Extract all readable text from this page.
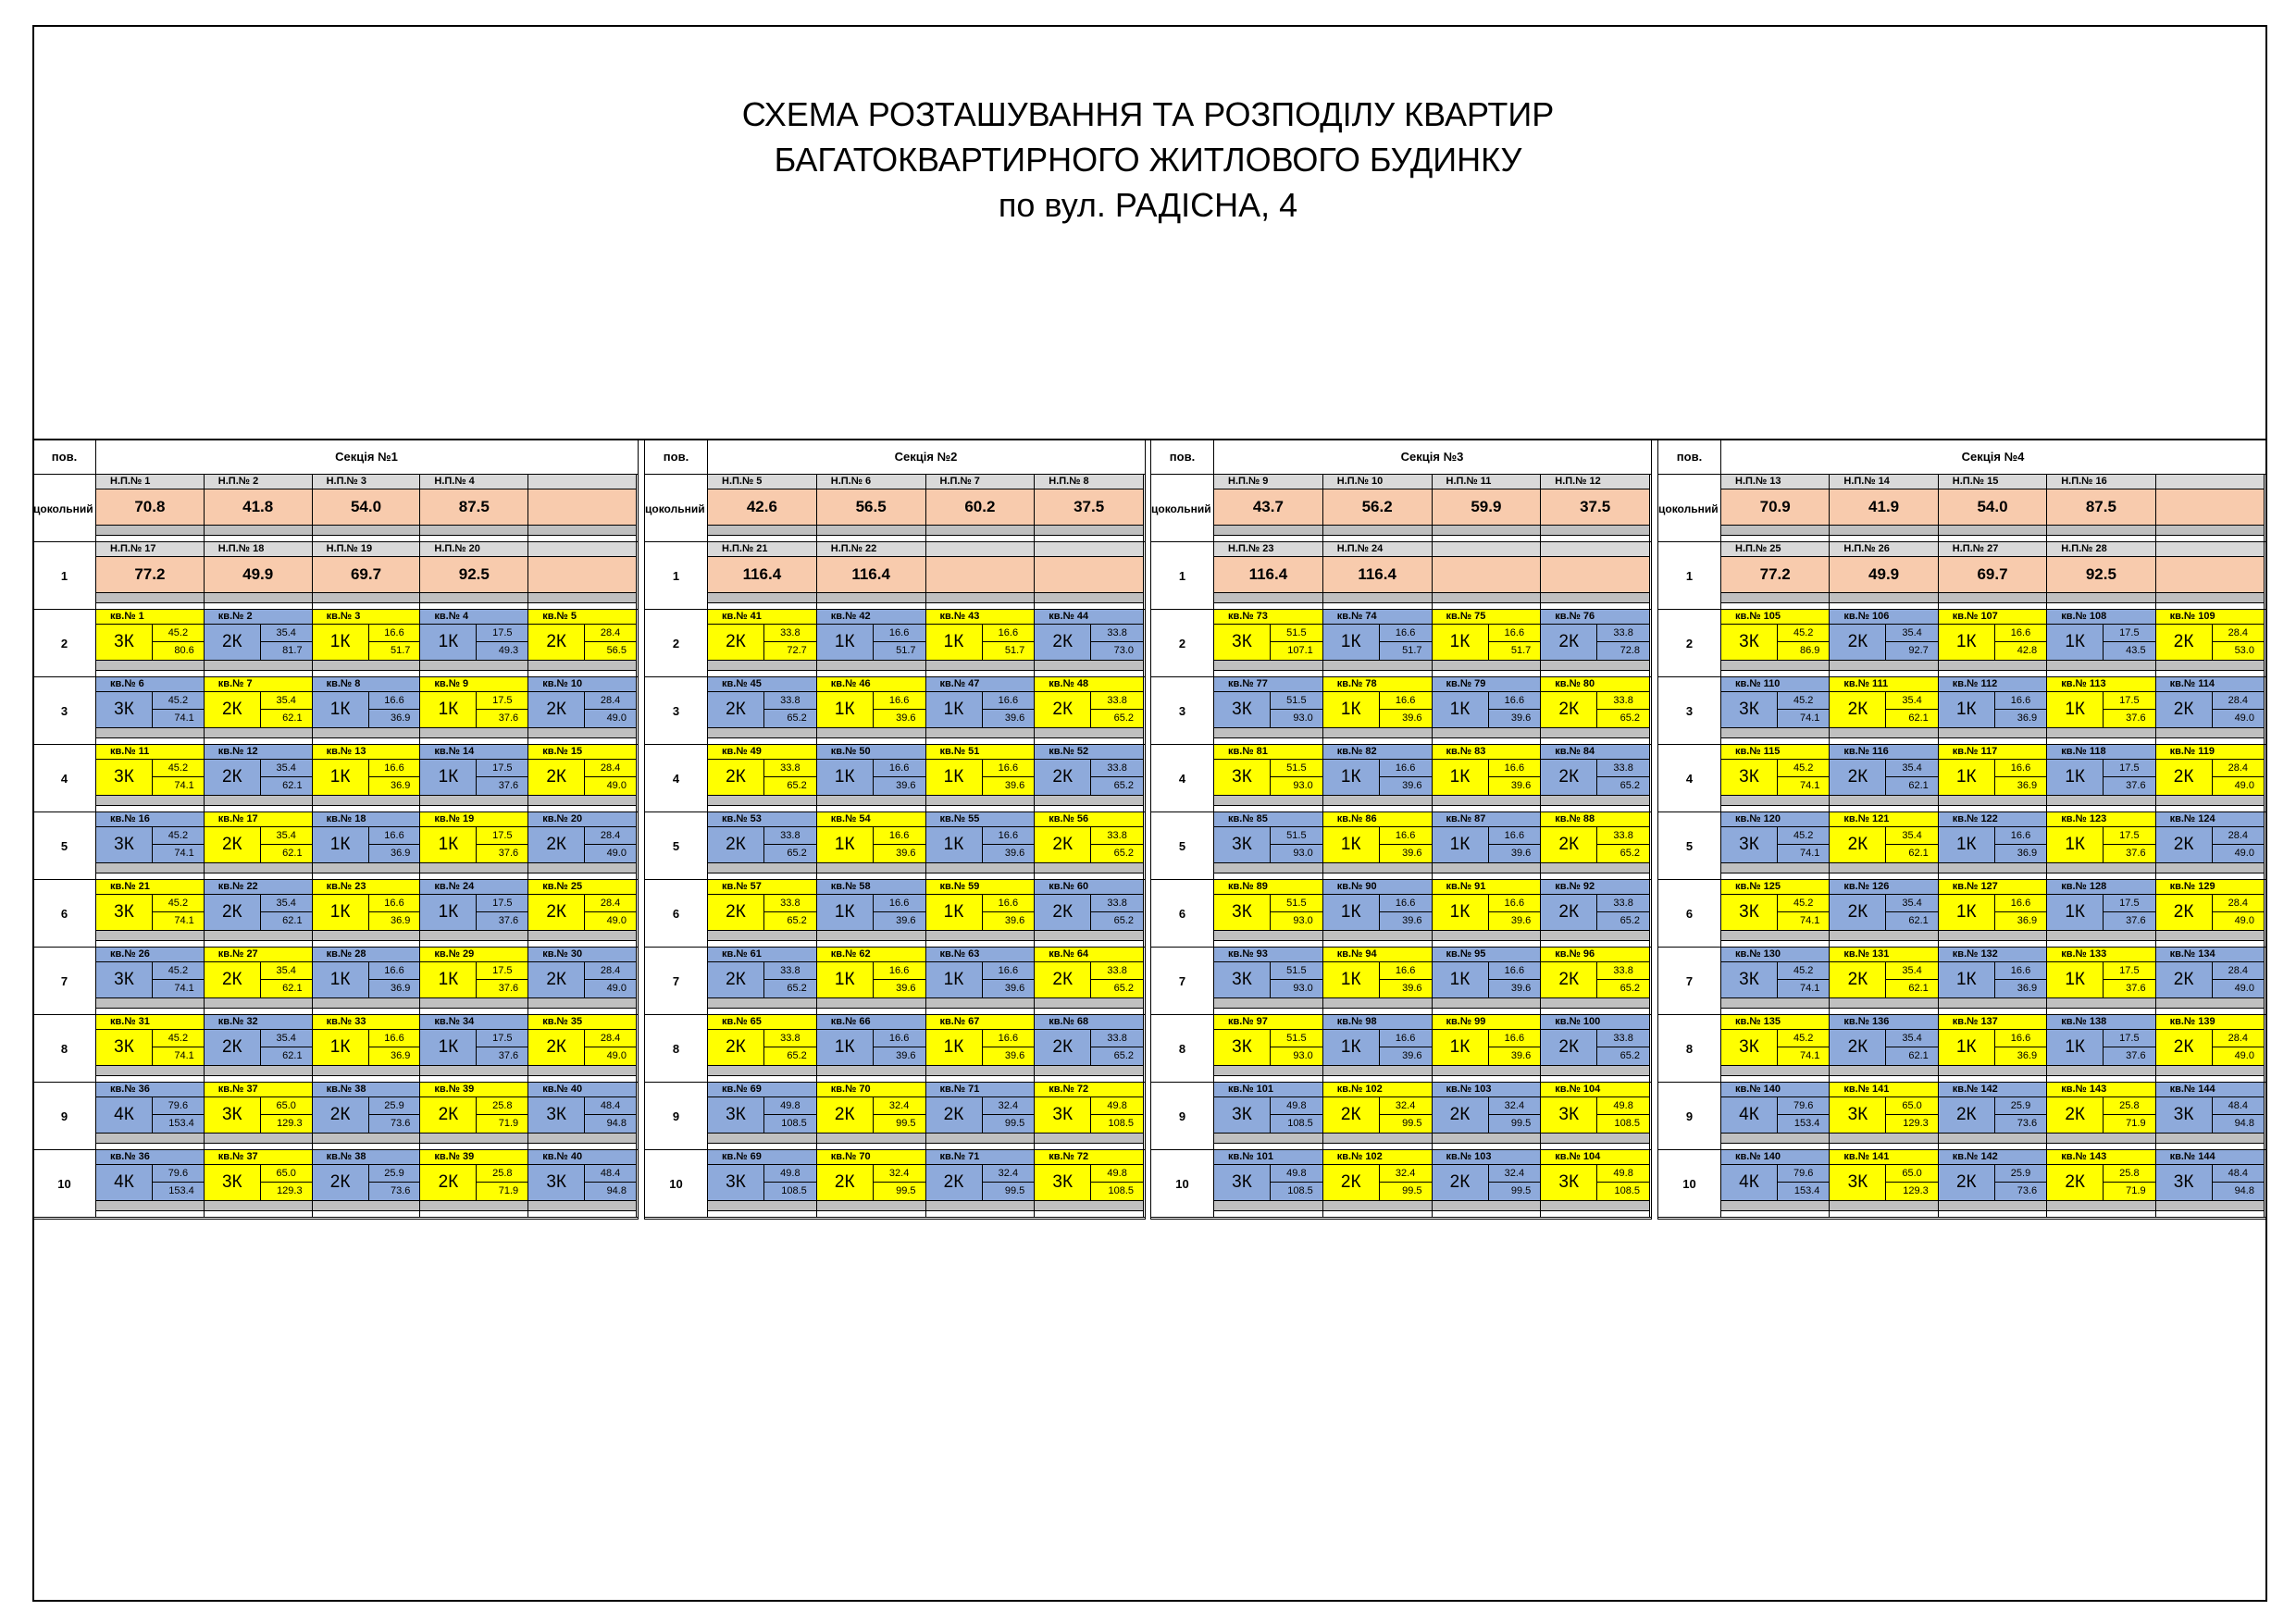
СХЕМА РОЗТАШУВАННЯ ТА РОЗПОДІЛУ КВАРТИР
БАГАТОКВАРТИРНОГО ЖИТЛОВОГО БУДИНКУ
по вул. РАДІСНА, 4
пов.	Секція №1
цокольний
Н.П.№ 1
70.8
Н.П.№ 2
41.8
Н.П.№ 3
54.0
Н.П.№ 4
87.5
1
Н.П.№ 17
77.2
Н.П.№ 18
49.9
Н.П.№ 19
69.7
Н.П.№ 20
92.5
2
кв.№ 1
3К	45.2
80.6
кв.№ 2
2К	35.4
81.7
кв.№ 3
1К	16.6
51.7
кв.№ 4
1К	17.5
49.3
кв.№ 5
2К	28.4
56.5
3
кв.№ 6
3К	45.2
74.1
кв.№ 7
2К	35.4
62.1
кв.№ 8
1К	16.6
36.9
кв.№ 9
1К	17.5
37.6
кв.№ 10
2К	28.4
49.0
4
кв.№ 11
3К	45.2
74.1
кв.№ 12
2К	35.4
62.1
кв.№ 13
1К	16.6
36.9
кв.№ 14
1К	17.5
37.6
кв.№ 15
2К	28.4
49.0
5
кв.№ 16
3К	45.2
74.1
кв.№ 17
2К	35.4
62.1
кв.№ 18
1К	16.6
36.9
кв.№ 19
1К	17.5
37.6
кв.№ 20
2К	28.4
49.0
6
кв.№ 21
3К	45.2
74.1
кв.№ 22
2К	35.4
62.1
кв.№ 23
1К	16.6
36.9
кв.№ 24
1К	17.5
37.6
кв.№ 25
2К	28.4
49.0
7
кв.№ 26
3К	45.2
74.1
кв.№ 27
2К	35.4
62.1
кв.№ 28
1К	16.6
36.9
кв.№ 29
1К	17.5
37.6
кв.№ 30
2К	28.4
49.0
8
кв.№ 31
3К	45.2
74.1
кв.№ 32
2К	35.4
62.1
кв.№ 33
1К	16.6
36.9
кв.№ 34
1К	17.5
37.6
кв.№ 35
2К	28.4
49.0
9
кв.№ 36
4К	79.6
153.4
кв.№ 37
3К	65.0
129.3
кв.№ 38
2К	25.9
73.6
кв.№ 39
2К	25.8
71.9
кв.№ 40
3К	48.4
94.8
10
кв.№ 36
4К	79.6
153.4
кв.№ 37
3К	65.0
129.3
кв.№ 38
2К	25.9
73.6
кв.№ 39
2К	25.8
71.9
кв.№ 40
3К	48.4
94.8
пов.	Секція №2
цокольний
Н.П.№ 5
42.6
Н.П.№ 6
56.5
Н.П.№ 7
60.2
Н.П.№ 8
37.5
1
Н.П.№ 21
116.4
Н.П.№ 22
116.4
2
кв.№ 41
2К	33.8
72.7
кв.№ 42
1К	16.6
51.7
кв.№ 43
1К	16.6
51.7
кв.№ 44
2К	33.8
73.0
3
кв.№ 45
2К	33.8
65.2
кв.№ 46
1К	16.6
39.6
кв.№ 47
1К	16.6
39.6
кв.№ 48
2К	33.8
65.2
4
кв.№ 49
2К	33.8
65.2
кв.№ 50
1К	16.6
39.6
кв.№ 51
1К	16.6
39.6
кв.№ 52
2К	33.8
65.2
5
кв.№ 53
2К	33.8
65.2
кв.№ 54
1К	16.6
39.6
кв.№ 55
1К	16.6
39.6
кв.№ 56
2К	33.8
65.2
6
кв.№ 57
2К	33.8
65.2
кв.№ 58
1К	16.6
39.6
кв.№ 59
1К	16.6
39.6
кв.№ 60
2К	33.8
65.2
7
кв.№ 61
2К	33.8
65.2
кв.№ 62
1К	16.6
39.6
кв.№ 63
1К	16.6
39.6
кв.№ 64
2К	33.8
65.2
8
кв.№ 65
2К	33.8
65.2
кв.№ 66
1К	16.6
39.6
кв.№ 67
1К	16.6
39.6
кв.№ 68
2К	33.8
65.2
9
кв.№ 69
3К	49.8
108.5
кв.№ 70
2К	32.4
99.5
кв.№ 71
2К	32.4
99.5
кв.№ 72
3К	49.8
108.5
10
кв.№ 69
3К	49.8
108.5
кв.№ 70
2К	32.4
99.5
кв.№ 71
2К	32.4
99.5
кв.№ 72
3К	49.8
108.5
пов.	Секція №3
цокольний
Н.П.№ 9
43.7
Н.П.№ 10
56.2
Н.П.№ 11
59.9
Н.П.№ 12
37.5
1
Н.П.№ 23
116.4
Н.П.№ 24
116.4
2
кв.№ 73
3К	51.5
107.1
кв.№ 74
1К	16.6
51.7
кв.№ 75
1К	16.6
51.7
кв.№ 76
2К	33.8
72.8
3
кв.№ 77
3К	51.5
93.0
кв.№ 78
1К	16.6
39.6
кв.№ 79
1К	16.6
39.6
кв.№ 80
2К	33.8
65.2
4
кв.№ 81
3К	51.5
93.0
кв.№ 82
1К	16.6
39.6
кв.№ 83
1К	16.6
39.6
кв.№ 84
2К	33.8
65.2
5
кв.№ 85
3К	51.5
93.0
кв.№ 86
1К	16.6
39.6
кв.№ 87
1К	16.6
39.6
кв.№ 88
2К	33.8
65.2
6
кв.№ 89
3К	51.5
93.0
кв.№ 90
1К	16.6
39.6
кв.№ 91
1К	16.6
39.6
кв.№ 92
2К	33.8
65.2
7
кв.№ 93
3К	51.5
93.0
кв.№ 94
1К	16.6
39.6
кв.№ 95
1К	16.6
39.6
кв.№ 96
2К	33.8
65.2
8
кв.№ 97
3К	51.5
93.0
кв.№ 98
1К	16.6
39.6
кв.№ 99
1К	16.6
39.6
кв.№ 100
2К	33.8
65.2
9
кв.№ 101
3К	49.8
108.5
кв.№ 102
2К	32.4
99.5
кв.№ 103
2К	32.4
99.5
кв.№ 104
3К	49.8
108.5
10
кв.№ 101
3К	49.8
108.5
кв.№ 102
2К	32.4
99.5
кв.№ 103
2К	32.4
99.5
кв.№ 104
3К	49.8
108.5
пов.	Секція №4
цокольний
Н.П.№ 13
70.9
Н.П.№ 14
41.9
Н.П.№ 15
54.0
Н.П.№ 16
87.5
1
Н.П.№ 25
77.2
Н.П.№ 26
49.9
Н.П.№ 27
69.7
Н.П.№ 28
92.5
2
кв.№ 105
3К	45.2
86.9
кв.№ 106
2К	35.4
92.7
кв.№ 107
1К	16.6
42.8
кв.№ 108
1К	17.5
43.5
кв.№ 109
2К	28.4
53.0
3
кв.№ 110
3К	45.2
74.1
кв.№ 111
2К	35.4
62.1
кв.№ 112
1К	16.6
36.9
кв.№ 113
1К	17.5
37.6
кв.№ 114
2К	28.4
49.0
4
кв.№ 115
3К	45.2
74.1
кв.№ 116
2К	35.4
62.1
кв.№ 117
1К	16.6
36.9
кв.№ 118
1К	17.5
37.6
кв.№ 119
2К	28.4
49.0
5
кв.№ 120
3К	45.2
74.1
кв.№ 121
2К	35.4
62.1
кв.№ 122
1К	16.6
36.9
кв.№ 123
1К	17.5
37.6
кв.№ 124
2К	28.4
49.0
6
кв.№ 125
3К	45.2
74.1
кв.№ 126
2К	35.4
62.1
кв.№ 127
1К	16.6
36.9
кв.№ 128
1К	17.5
37.6
кв.№ 129
2К	28.4
49.0
7
кв.№ 130
3К	45.2
74.1
кв.№ 131
2К	35.4
62.1
кв.№ 132
1К	16.6
36.9
кв.№ 133
1К	17.5
37.6
кв.№ 134
2К	28.4
49.0
8
кв.№ 135
3К	45.2
74.1
кв.№ 136
2К	35.4
62.1
кв.№ 137
1К	16.6
36.9
кв.№ 138
1К	17.5
37.6
кв.№ 139
2К	28.4
49.0
9
кв.№ 140
4К	79.6
153.4
кв.№ 141
3К	65.0
129.3
кв.№ 142
2К	25.9
73.6
кв.№ 143
2К	25.8
71.9
кв.№ 144
3К	48.4
94.8
10
кв.№ 140
4К	79.6
153.4
кв.№ 141
3К	65.0
129.3
кв.№ 142
2К	25.9
73.6
кв.№ 143
2К	25.8
71.9
кв.№ 144
3К	48.4
94.8
